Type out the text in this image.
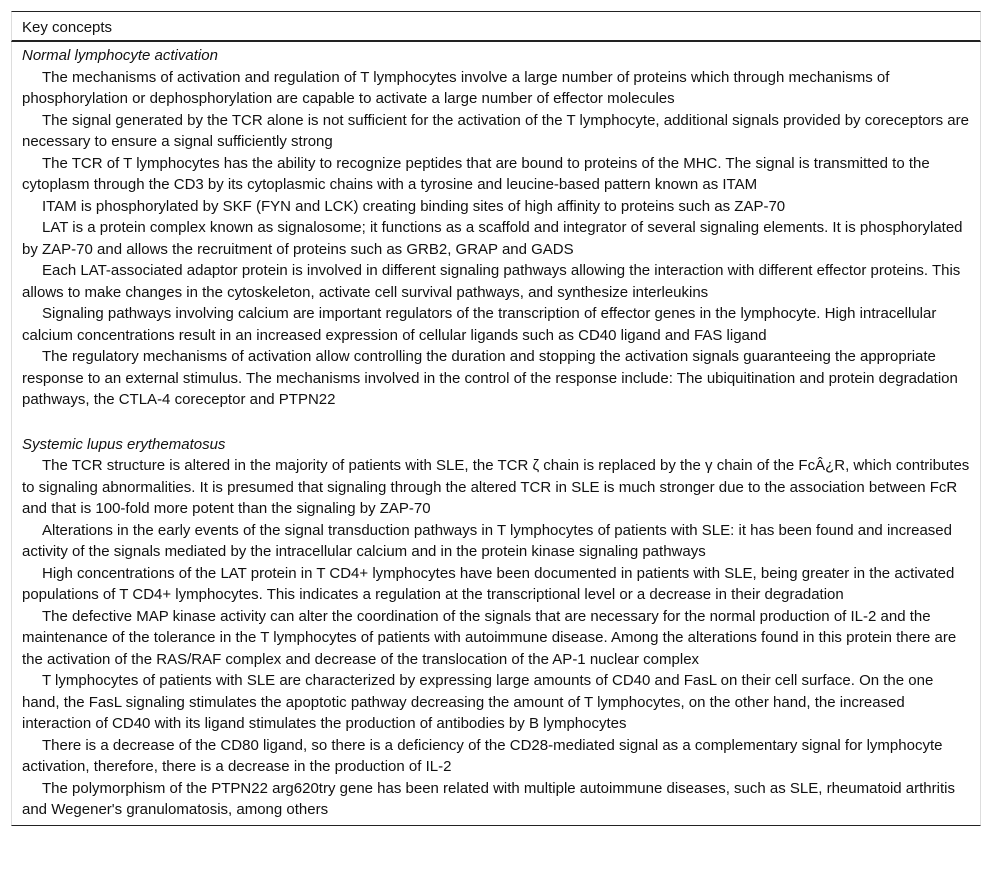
Key concepts

Normal lymphocyte activation

The mechanisms of activation and regulation of T lymphocytes involve a large number of proteins which through mechanisms of phosphorylation or dephosphorylation are capable to activate a large number of effector molecules

The signal generated by the TCR alone is not sufficient for the activation of the T lymphocyte, additional signals provided by coreceptors are necessary to ensure a signal sufficiently strong

The TCR of T lymphocytes has the ability to recognize peptides that are bound to proteins of the MHC. The signal is transmitted to the cytoplasm through the CD3 by its cytoplasmic chains with a tyrosine and leucine-based pattern known as ITAM

ITAM is phosphorylated by SKF (FYN and LCK) creating binding sites of high affinity to proteins such as ZAP-70

LAT is a protein complex known as signalosome; it functions as a scaffold and integrator of several signaling elements. It is phosphorylated by ZAP-70 and allows the recruitment of proteins such as GRB2, GRAP and GADS

Each LAT-associated adaptor protein is involved in different signaling pathways allowing the interaction with different effector proteins. This allows to make changes in the cytoskeleton, activate cell survival pathways, and synthesize interleukins

Signaling pathways involving calcium are important regulators of the transcription of effector genes in the lymphocyte. High intracellular calcium concentrations result in an increased expression of cellular ligands such as CD40 ligand and FAS ligand

The regulatory mechanisms of activation allow controlling the duration and stopping the activation signals guaranteeing the appropriate response to an external stimulus. The mechanisms involved in the control of the response include: The ubiquitination and protein degradation pathways, the CTLA-4 coreceptor and PTPN22

Systemic lupus erythematosus

The TCR structure is altered in the majority of patients with SLE, the TCR ζ chain is replaced by the γ chain of the FcÂ¿R, which contributes to signaling abnormalities. It is presumed that signaling through the altered TCR in SLE is much stronger due to the association between FcR and that is 100-fold more potent than the signaling by ZAP-70

Alterations in the early events of the signal transduction pathways in T lymphocytes of patients with SLE: it has been found and increased activity of the signals mediated by the intracellular calcium and in the protein kinase signaling pathways

High concentrations of the LAT protein in T CD4+ lymphocytes have been documented in patients with SLE, being greater in the activated populations of T CD4+ lymphocytes. This indicates a regulation at the transcriptional level or a decrease in their degradation

The defective MAP kinase activity can alter the coordination of the signals that are necessary for the normal production of IL-2 and the maintenance of the tolerance in the T lymphocytes of patients with autoimmune disease. Among the alterations found in this protein there are the activation of the RAS/RAF complex and decrease of the translocation of the AP-1 nuclear complex

T lymphocytes of patients with SLE are characterized by expressing large amounts of CD40 and FasL on their cell surface. On the one hand, the FasL signaling stimulates the apoptotic pathway decreasing the amount of T lymphocytes, on the other hand, the increased interaction of CD40 with its ligand stimulates the production of antibodies by B lymphocytes

There is a decrease of the CD80 ligand, so there is a deficiency of the CD28-mediated signal as a complementary signal for lymphocyte activation, therefore, there is a decrease in the production of IL-2

The polymorphism of the PTPN22 arg620try gene has been related with multiple autoimmune diseases, such as SLE, rheumatoid arthritis and Wegener's granulomatosis, among others
